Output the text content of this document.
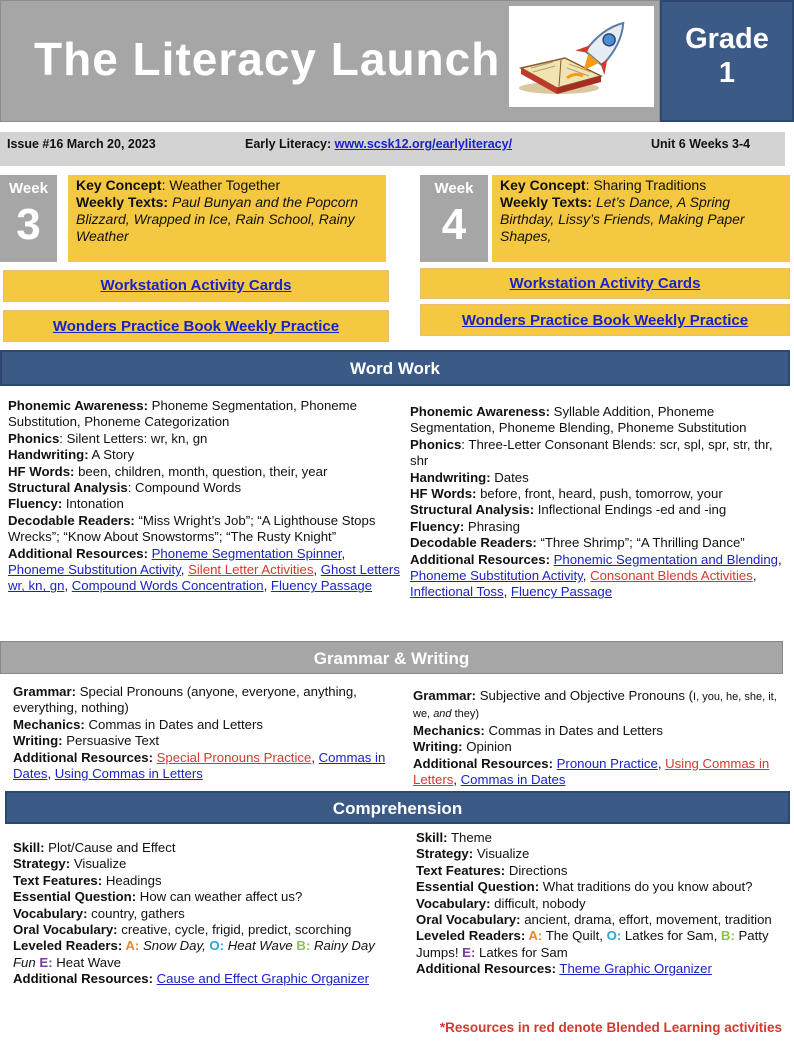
The Literacy Launch	Grade
1
Issue #16 March 20, 2023	Early Literacy: www.scsk12.org/earlyliteracy/	Unit 6 Weeks 3-4
Week
3
Key Concept: Weather Together
Weekly Texts: Paul Bunyan and the Popcorn Blizzard, Wrapped in Ice, Rain School, Rainy Weather
Workstation Activity Cards
Wonders Practice Book Weekly Practice
Week
4
Key Concept: Sharing Traditions
Weekly Texts: Let’s Dance, A Spring Birthday, Lissy’s Friends, Making Paper Shapes,
Workstation Activity Cards
Wonders Practice Book Weekly Practice
Word Work
Phonemic Awareness: Phoneme Segmentation, Phoneme Substitution, Phoneme Categorization
Phonics: Silent Letters: wr, kn, gn
Handwriting: A Story
HF Words: been, children, month, question, their, year
Structural Analysis: Compound Words
Fluency: Intonation
Decodable Readers: “Miss Wright’s Job”; “A Lighthouse Stops Wrecks”; “Know About Snowstorms”; “The Rusty Knight”
Additional Resources: Phoneme Segmentation Spinner, Phoneme Substitution Activity, Silent Letter Activities, Ghost Letters wr, kn, gn, Compound Words Concentration, Fluency Passage
Phonemic Awareness: Syllable Addition, Phoneme Segmentation, Phoneme Blending, Phoneme Substitution
Phonics: Three-Letter Consonant Blends: scr, spl, spr, str, thr, shr
Handwriting: Dates
HF Words: before, front, heard, push, tomorrow, your
Structural Analysis: Inflectional Endings -ed and -ing
Fluency: Phrasing
Decodable Readers: “Three Shrimp”; “A Thrilling Dance”
Additional Resources: Phonemic Segmentation and Blending, Phoneme Substitution Activity, Consonant Blends Activities, Inflectional Toss, Fluency Passage
Grammar & Writing
Grammar: Special Pronouns (anyone, everyone, anything, everything, nothing)
Mechanics: Commas in Dates and Letters
Writing: Persuasive Text
Additional Resources: Special Pronouns Practice, Commas in Dates, Using Commas in Letters
Grammar: Subjective and Objective Pronouns (I, you, he, she, it, we, and they)
Mechanics: Commas in Dates and Letters
Writing: Opinion
Additional Resources: Pronoun Practice, Using Commas in Letters, Commas in Dates
Comprehension
Skill: Plot/Cause and Effect
Strategy: Visualize
Text Features: Headings
Essential Question: How can weather affect us?
Vocabulary: country, gathers
Oral Vocabulary: creative, cycle, frigid, predict, scorching
Leveled Readers: A: Snow Day, O: Heat Wave B: Rainy Day Fun E: Heat Wave
Additional Resources: Cause and Effect Graphic Organizer
Skill: Theme
Strategy: Visualize
Text Features: Directions
Essential Question: What traditions do you know about?
Vocabulary: difficult, nobody
Oral Vocabulary: ancient, drama, effort, movement, tradition
Leveled Readers: A: The Quilt, O: Latkes for Sam, B: Patty Jumps! E: Latkes for Sam
Additional Resources: Theme Graphic Organizer
*Resources in red denote Blended Learning activities
